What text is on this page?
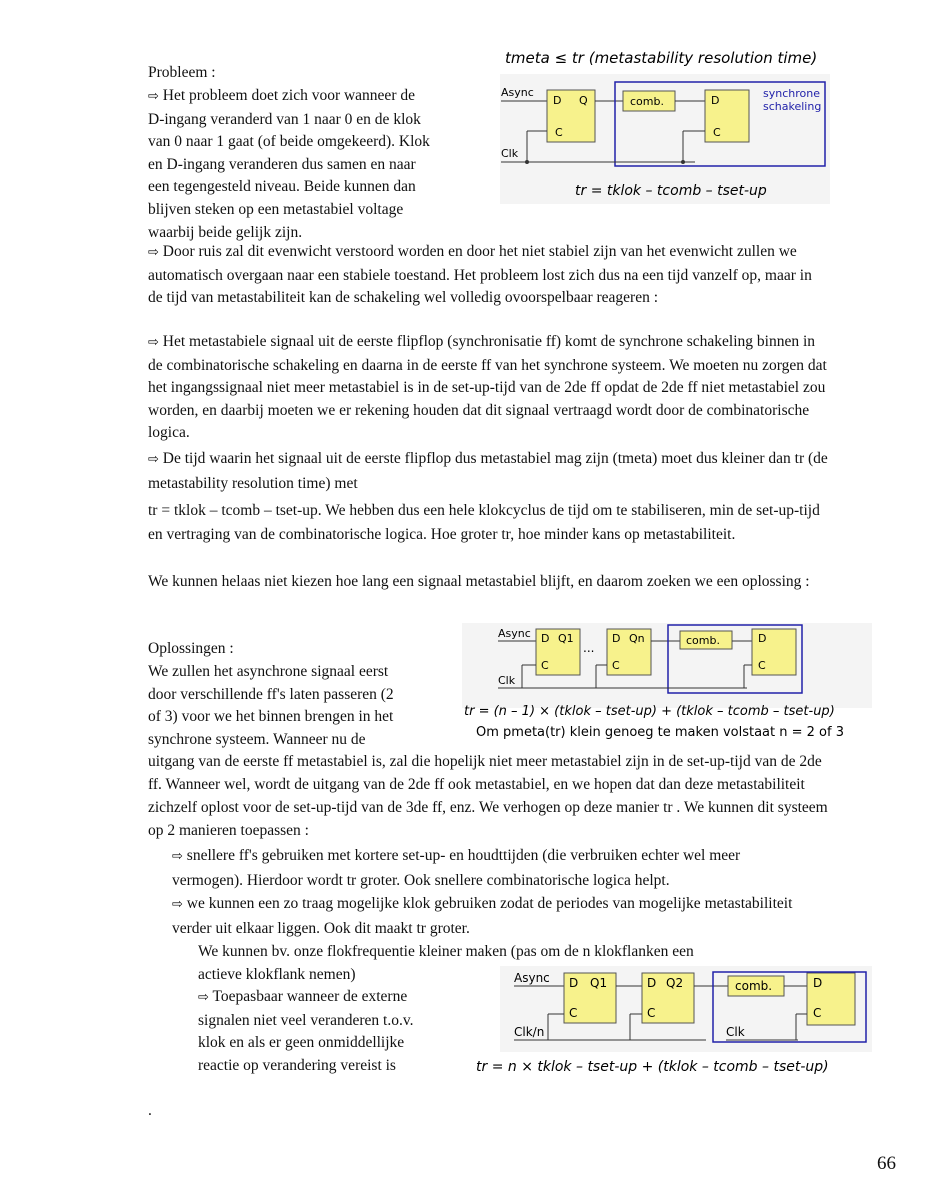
Probleem :

⇨ Het probleem doet zich voor wanneer de
D-ingang veranderd van 1 naar 0 en de klok
van 0 naar 1 gaat (of beide omgekeerd). Klok
en D-ingang veranderen dus samen en naar
een tegengesteld niveau. Beide kunnen dan
blijven steken op een metastabiel voltage
waarbij beide gelijk zijn.
⇨ Door ruis zal dit evenwicht verstoord worden en door het niet stabiel zijn van het evenwicht zullen we automatisch overgaan naar een stabiele toestand. Het probleem lost zich dus na een tijd vanzelf op, maar in de tijd van metastabiliteit kan de schakeling wel volledig ovoorspelbaar reageren :
⇨ Het metastabiele signaal uit de eerste flipflop (synchronisatie ff) komt de synchrone schakeling binnen in de combinatorische schakeling en daarna in de eerste ff van het synchrone systeem. We moeten nu zorgen dat het ingangssignaal niet meer metastabiel is in de set-up-tijd van de 2de ff opdat de 2de ff niet metastabiel zou worden, en daarbij moeten we er rekening houden dat dit signaal vertraagd wordt door de combinatorische logica.
⇨ De tijd waarin het signaal uit de eerste flipflop dus metastabiel mag zijn (tmeta) moet dus kleiner dan tr (de metastability resolution time) met
tr = tklok – tcomb – tset-up. We hebben dus een hele klokcyclus de tijd om te stabiliseren, min de set-up-tijd en vertraging van de combinatorische logica. Hoe groter tr, hoe minder kans op metastabiliteit.
We kunnen helaas niet kiezen hoe lang een signaal metastabiel blijft, en daarom zoeken we een oplossing :

Oplossingen :

We zullen het asynchrone signaal eerst
door verschillende ff's laten passeren (2
of 3) voor we het binnen brengen in het
synchrone systeem. Wanneer nu de
uitgang van de eerste ff metastabiel is, zal die hopelijk niet meer metastabiel zijn in de set-up-tijd van de 2de ff. Wanneer wel, wordt de uitgang van de 2de ff ook metastabiel, en we hopen dat dan deze metastabiliteit zichzelf oplost voor de set-up-tijd van de 3de ff, enz. We verhogen op deze manier tr . We kunnen dit systeem op 2 manieren toepassen :
⇨ snellere ff's gebruiken met kortere set-up- en houdttijden (die verbruiken echter wel meer vermogen). Hierdoor wordt tr groter. Ook snellere combinatorische logica helpt.
⇨ we kunnen een zo traag mogelijke klok gebruiken zodat de periodes van mogelijke metastabiliteit verder uit elkaar liggen. Ook dit maakt tr groter.
We kunnen bv. onze flokfrequentie kleiner maken (pas om de n klokflanken een
actieve klokflank nemen)
⇨ Toepasbaar wanneer de externe
signalen niet veel veranderen t.o.v.
klok en als er geen onmiddellijke
reactie op verandering vereist is
.
66
tmeta ≤ tr (metastability resolution time)
Async
D Q
C
comb.	D
C
synchrone
schakeling
Clk
tr = tklok – tcomb – tset-up
Async D Q1
C
...
D Qn
C
comb.	D
C
Clk
tr = (n – 1) × (tklok – tset-up) + (tklok – tcomb – tset-up)
Om pmeta(tr) klein genoeg te maken volstaat n = 2 of 3
Async D Q1
C
D Q2
C
comb.	D
C
Clk/n	Clk
tr = n × tklok – tset-up + (tklok – tcomb – tset-up)
